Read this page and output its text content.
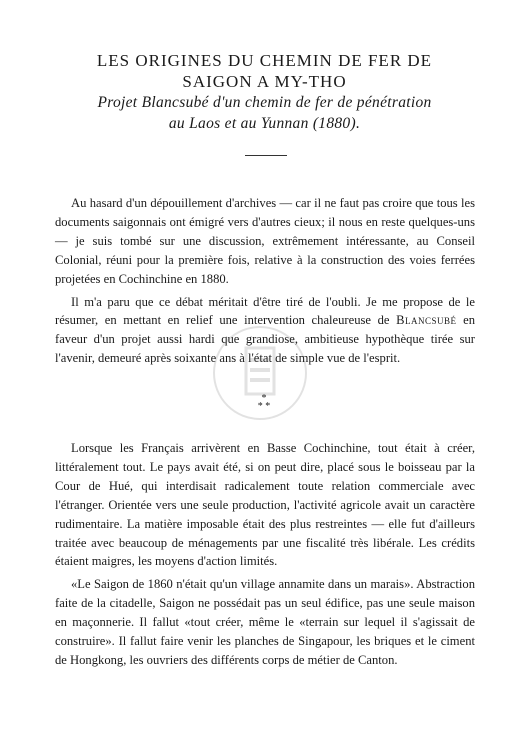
LES ORIGINES DU CHEMIN DE FER DE
SAIGON A MY-THO
Projet Blancsubé d'un chemin de fer de pénétration
au Laos et au Yunnan (1880).

Au hasard d'un dépouillement d'archives — car il ne faut pas croire que tous les documents saigonnais ont émigré vers d'autres cieux; il nous en reste quelques-uns — je suis tombé sur une discussion, extrêmement intéressante, au Conseil Colonial, réuni pour la première fois, relative à la construction des voies ferrées projetées en Cochinchine en 1880.

Il m'a paru que ce débat méritait d'être tiré de l'oubli. Je me propose de le résumer, en mettant en relief une intervention chaleureuse de Blancsubé en faveur d'un projet aussi hardi que grandiose, ambitieuse hypothèque tirée sur l'avenir, demeuré après soixante ans à l'état de simple vue de l'esprit.

*
* *

Lorsque les Français arrivèrent en Basse Cochinchine, tout était à créer, littéralement tout. Le pays avait été, si on peut dire, placé sous le boisseau par la Cour de Hué, qui interdisait radicalement toute relation commerciale avec l'étranger. Orientée vers une seule production, l'activité agricole avait un caractère rudimentaire. La matière imposable était des plus restreintes — elle fut d'ailleurs traitée avec beaucoup de ménagements par une fiscalité très libérale. Les crédits étaient maigres, les moyens d'action limités.

«Le Saigon de 1860 n'était qu'un village annamite dans un marais». Abstraction faite de la citadelle, Saigon ne possédait pas un seul édifice, pas une seule maison en maçonnerie. Il fallut «tout créer, même le «terrain sur lequel il s'agissait de construire». Il fallut faire venir les planches de Singapour, les briques et le ciment de Hongkong, les ouvriers des différents corps de métier de Canton.
